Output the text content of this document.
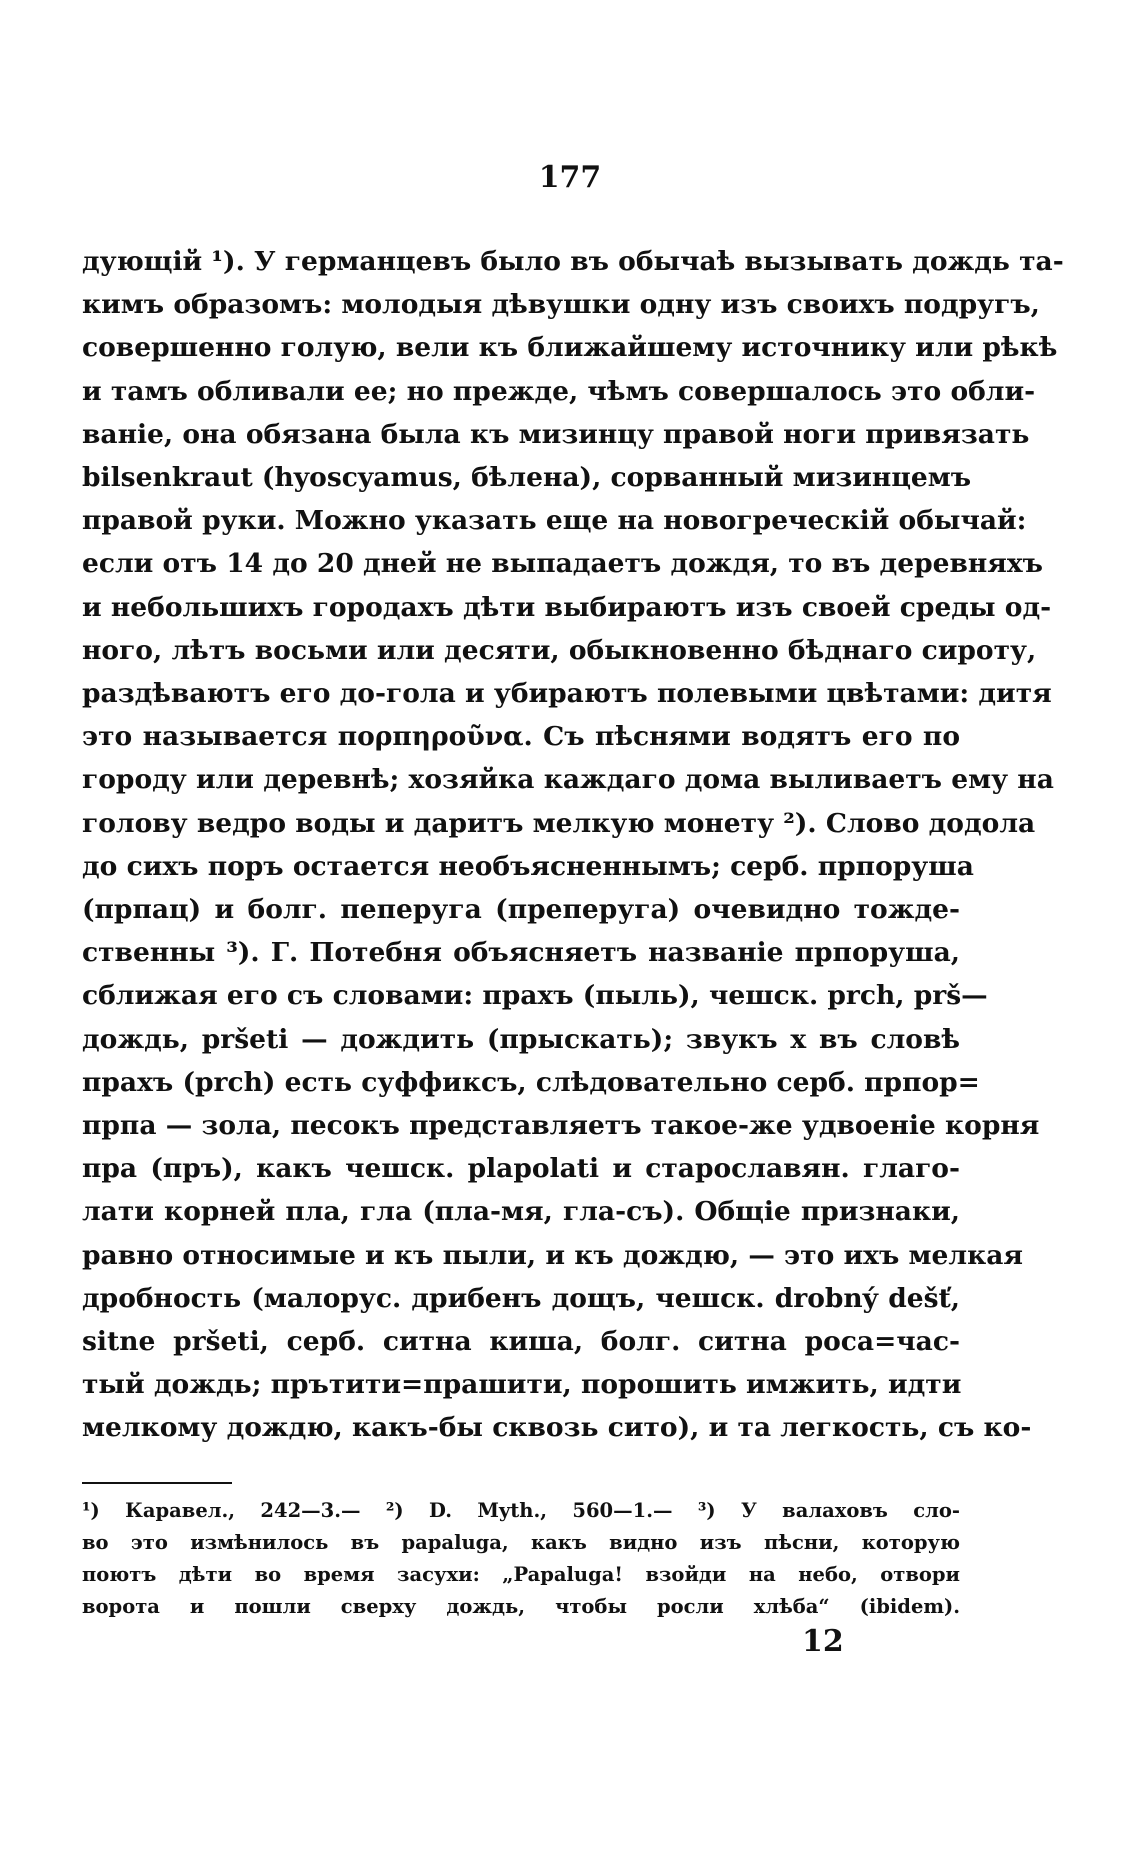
177
дующій ¹). У германцевъ было въ обычаѣ вызывать дождь та-
кимъ образомъ: молодыя дѣвушки одну изъ своихъ подругъ,
совершенно голую, вели къ ближайшему источнику или рѣкѣ
и тамъ обливали ее; но прежде, чѣмъ совершалось это обли-
ваніе, она обязана была къ мизинцу правой ноги привязать
bilsenkraut (hyoscyamus, бѣлена), сорванный мизинцемъ
правой руки. Можно указать еще на новогреческій обычай:
если отъ 14 до 20 дней не выпадаетъ дождя, то въ деревняхъ
и небольшихъ городахъ дѣти выбираютъ изъ своей среды од-
ного, лѣтъ восьми или десяти, обыкновенно бѣднаго сироту,
раздѣваютъ его до-гола и убираютъ полевыми цвѣтами: дитя
это называется πορπηροῦνα. Съ пѣснями водятъ его по
городу или деревнѣ; хозяйка каждаго дома выливаетъ ему на
голову ведро воды и даритъ мелкую монету ²). Слово додола
до сихъ поръ остается необъясненнымъ; серб. прпоруша
(прпац) и болг. пеперуга (преперуга) очевидно тожде-
ственны ³). Г. Потебня объясняетъ названіе прпоруша,
сближая его съ словами: прахъ (пыль), чешск. prch, prš—
дождь, pršeti — дождить (прыскать); звукъ х въ словѣ
прахъ (prch) есть суффиксъ, слѣдовательно серб. прпор=
прпа — зола, песокъ представляетъ такое-же удвоеніе корня
пра (пръ), какъ чешск. plapolati и старославян. глаго-
лати корней пла, гла (пла-мя, гла-съ). Общіе признаки,
равно относимые и къ пыли, и къ дождю, — это ихъ мелкая
дробность (малорус. дрибенъ дощъ, чешск. drobný dešť,
sitne pršeti, серб. ситна киша, болг. ситна роса=час-
тый дождь; прътити=прашити, порошить имжить, идти
мелкому дождю, какъ-бы сквозь сито), и та легкость, съ ко-
¹) Каравел., 242—3.— ²) D. Myth., 560—1.— ³) У валаховъ сло-
во это измѣнилось въ papaluga, какъ видно изъ пѣсни, которую
поютъ дѣти во время засухи: „Papaluga! взойди на небо, отвори
ворота и пошли сверху дождь, чтобы росли хлѣба“ (ibidem).
12
